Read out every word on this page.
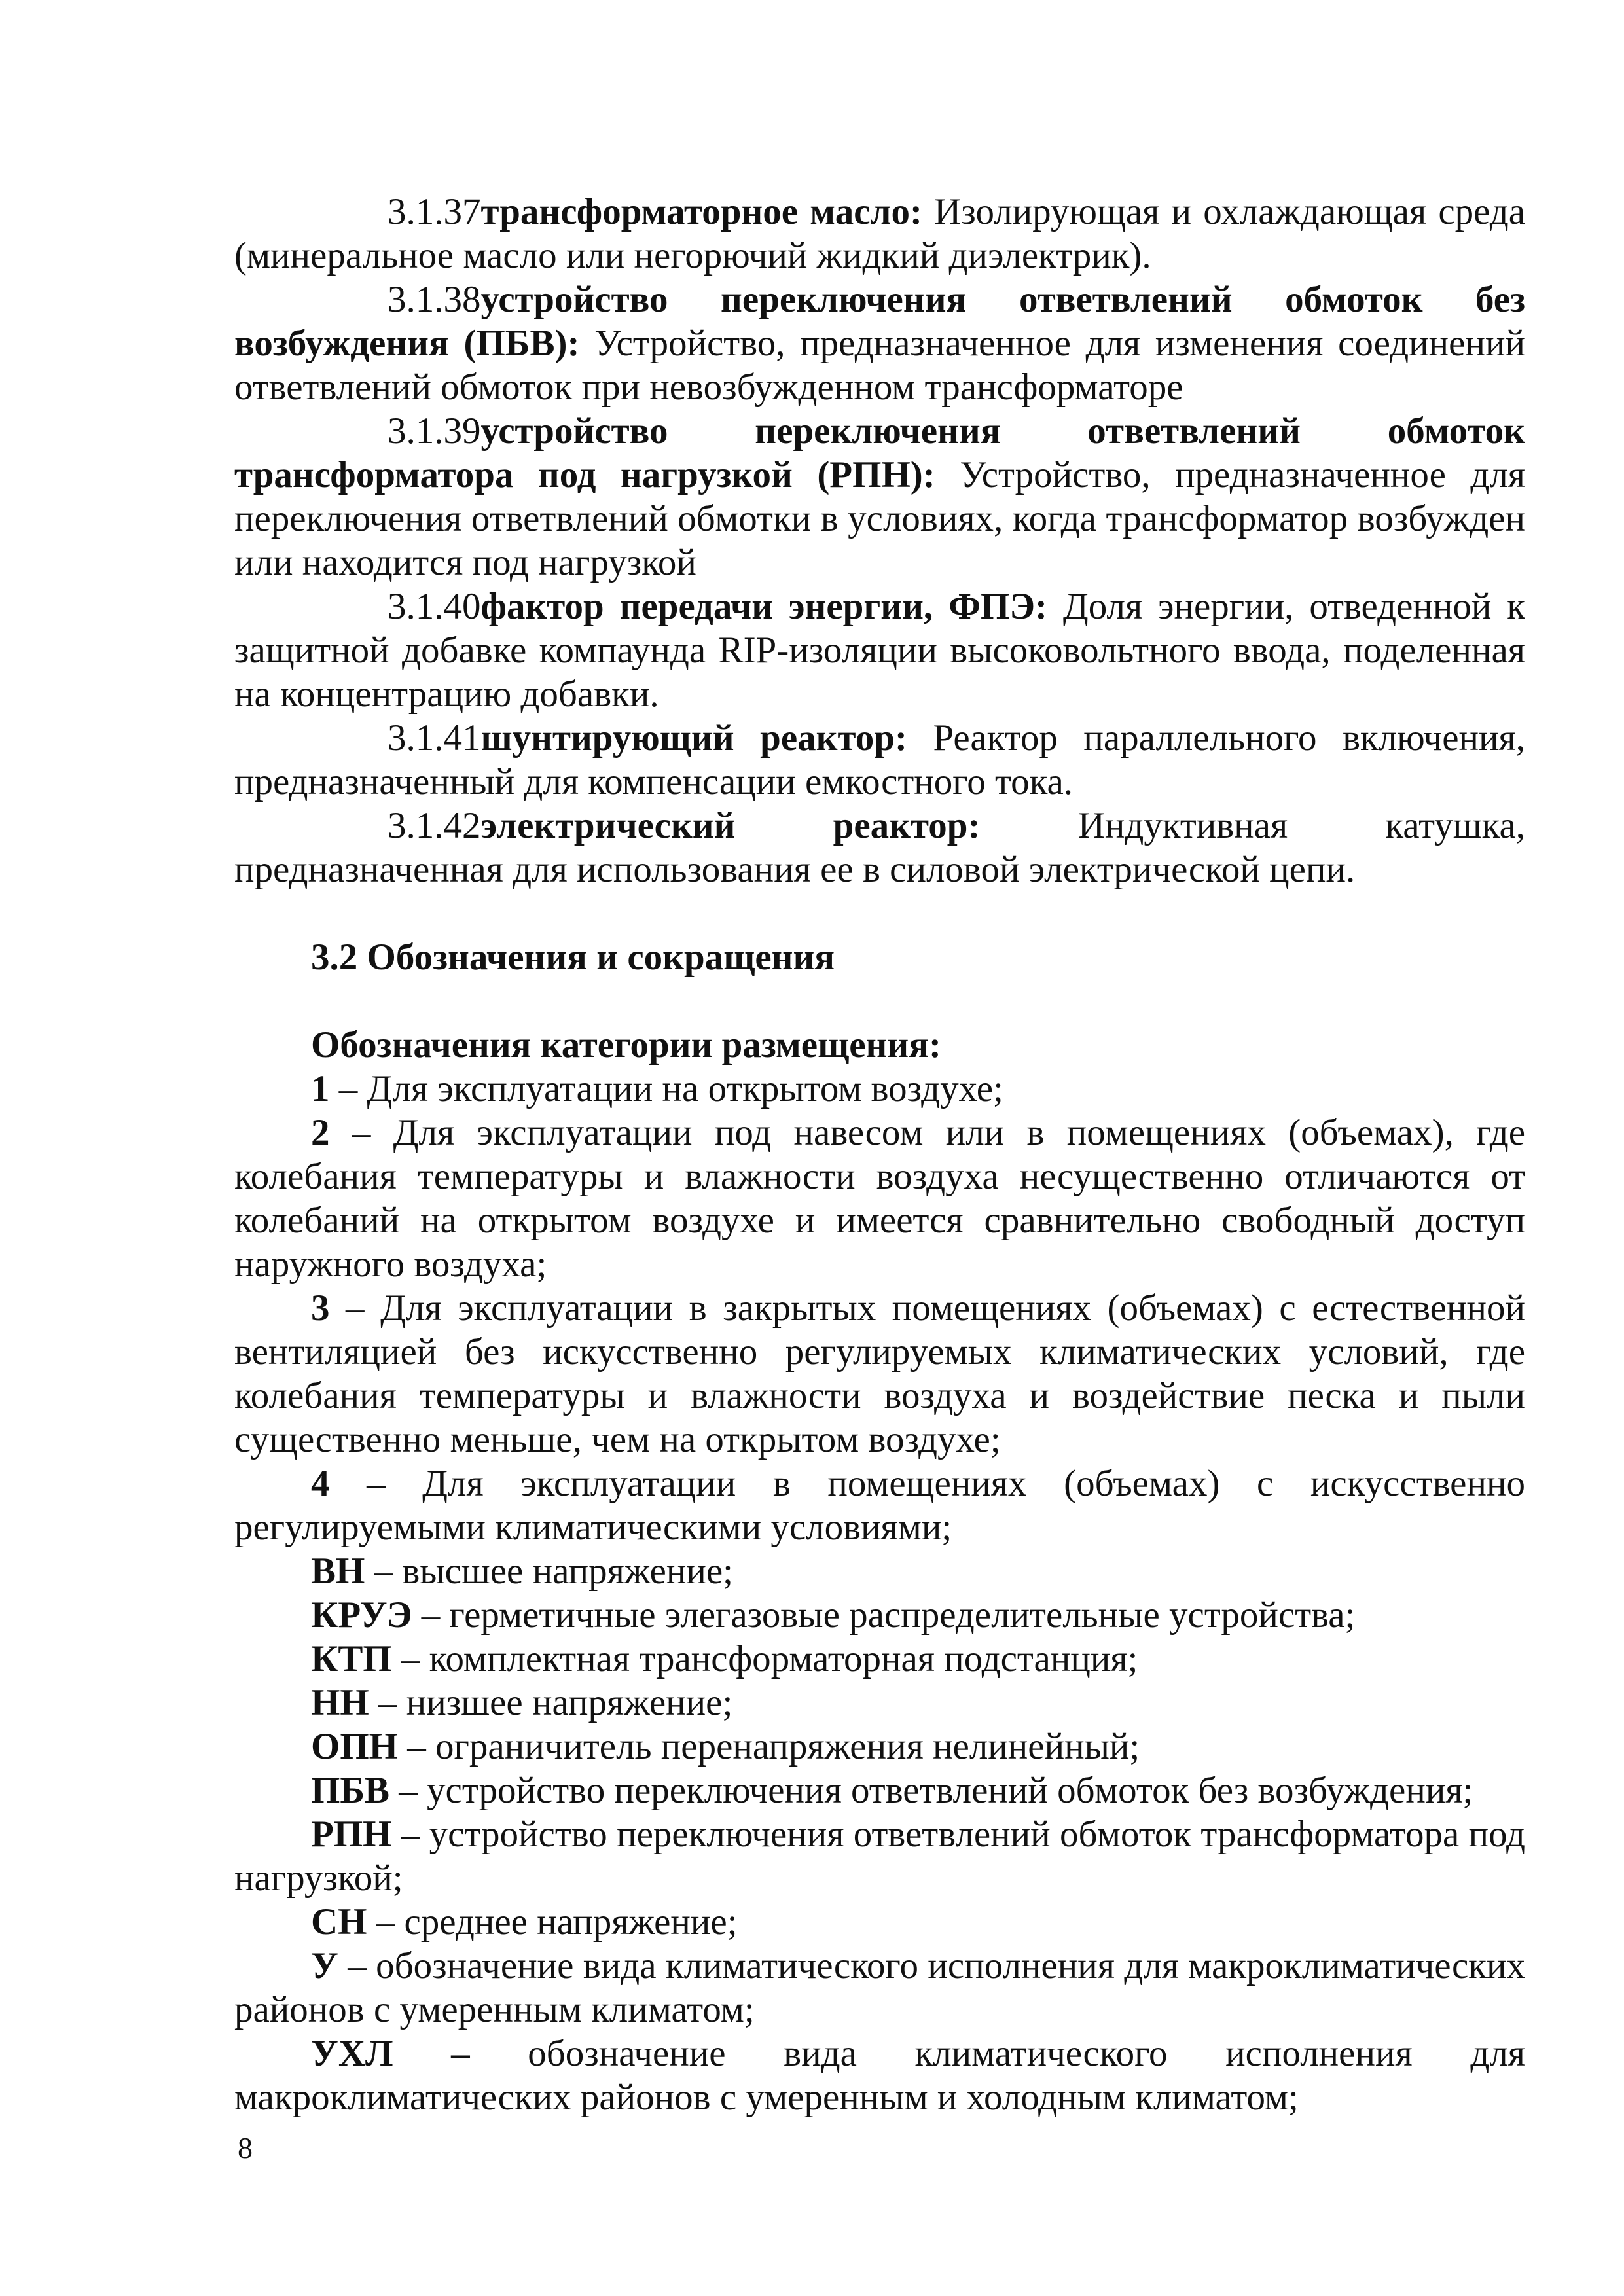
3.1.37трансформаторное масло: Изолирующая и охлаждающая среда (минеральное масло или негорючий жидкий диэлектрик).

3.1.38устройство переключения ответвлений обмоток без возбуждения (ПБВ): Устройство, предназначенное для изменения соединений ответвлений обмоток при невозбужденном трансформаторе

3.1.39устройство переключения ответвлений обмоток трансформатора под нагрузкой (РПН): Устройство, предназначенное для переключения ответвлений обмотки в условиях, когда трансформатор возбужден или находится под нагрузкой

3.1.40фактор передачи энергии, ФПЭ: Доля энергии, отведенной к защитной добавке компаунда RIP-изоляции высоковольтного ввода, поделенная на концентрацию добавки.

3.1.41шунтирующий реактор: Реактор параллельного включения, предназначенный для компенсации емкостного тока.

3.1.42электрический реактор: Индуктивная катушка, предназначенная для использования ее в силовой электрической цепи.

3.2 Обозначения и сокращения

Обозначения категории размещения:

1 – Для эксплуатации на открытом воздухе;

2 – Для эксплуатации под навесом или в помещениях (объемах), где колебания температуры и влажности воздуха несущественно отличаются от колебаний на открытом воздухе и имеется сравнительно свободный доступ наружного воздуха;

3 – Для эксплуатации в закрытых помещениях (объемах) с естественной вентиляцией без искусственно регулируемых климатических условий, где колебания температуры и влажности воздуха и воздействие песка и пыли существенно меньше, чем на открытом воздухе;

4 – Для эксплуатации в помещениях (объемах) с искусственно регулируемыми климатическими условиями;

ВН – высшее напряжение;

КРУЭ – герметичные элегазовые распределительные устройства;

КТП – комплектная трансформаторная подстанция;

НН – низшее напряжение;

ОПН – ограничитель перенапряжения нелинейный;

ПБВ – устройство переключения ответвлений обмоток без возбуждения;

РПН – устройство переключения ответвлений обмоток трансформатора под нагрузкой;

СН – среднее напряжение;

У – обозначение вида климатического исполнения для макроклиматических районов с умеренным климатом;

УХЛ – обозначение вида климатического исполнения для макроклиматических районов с умеренным и холодным климатом;

8
